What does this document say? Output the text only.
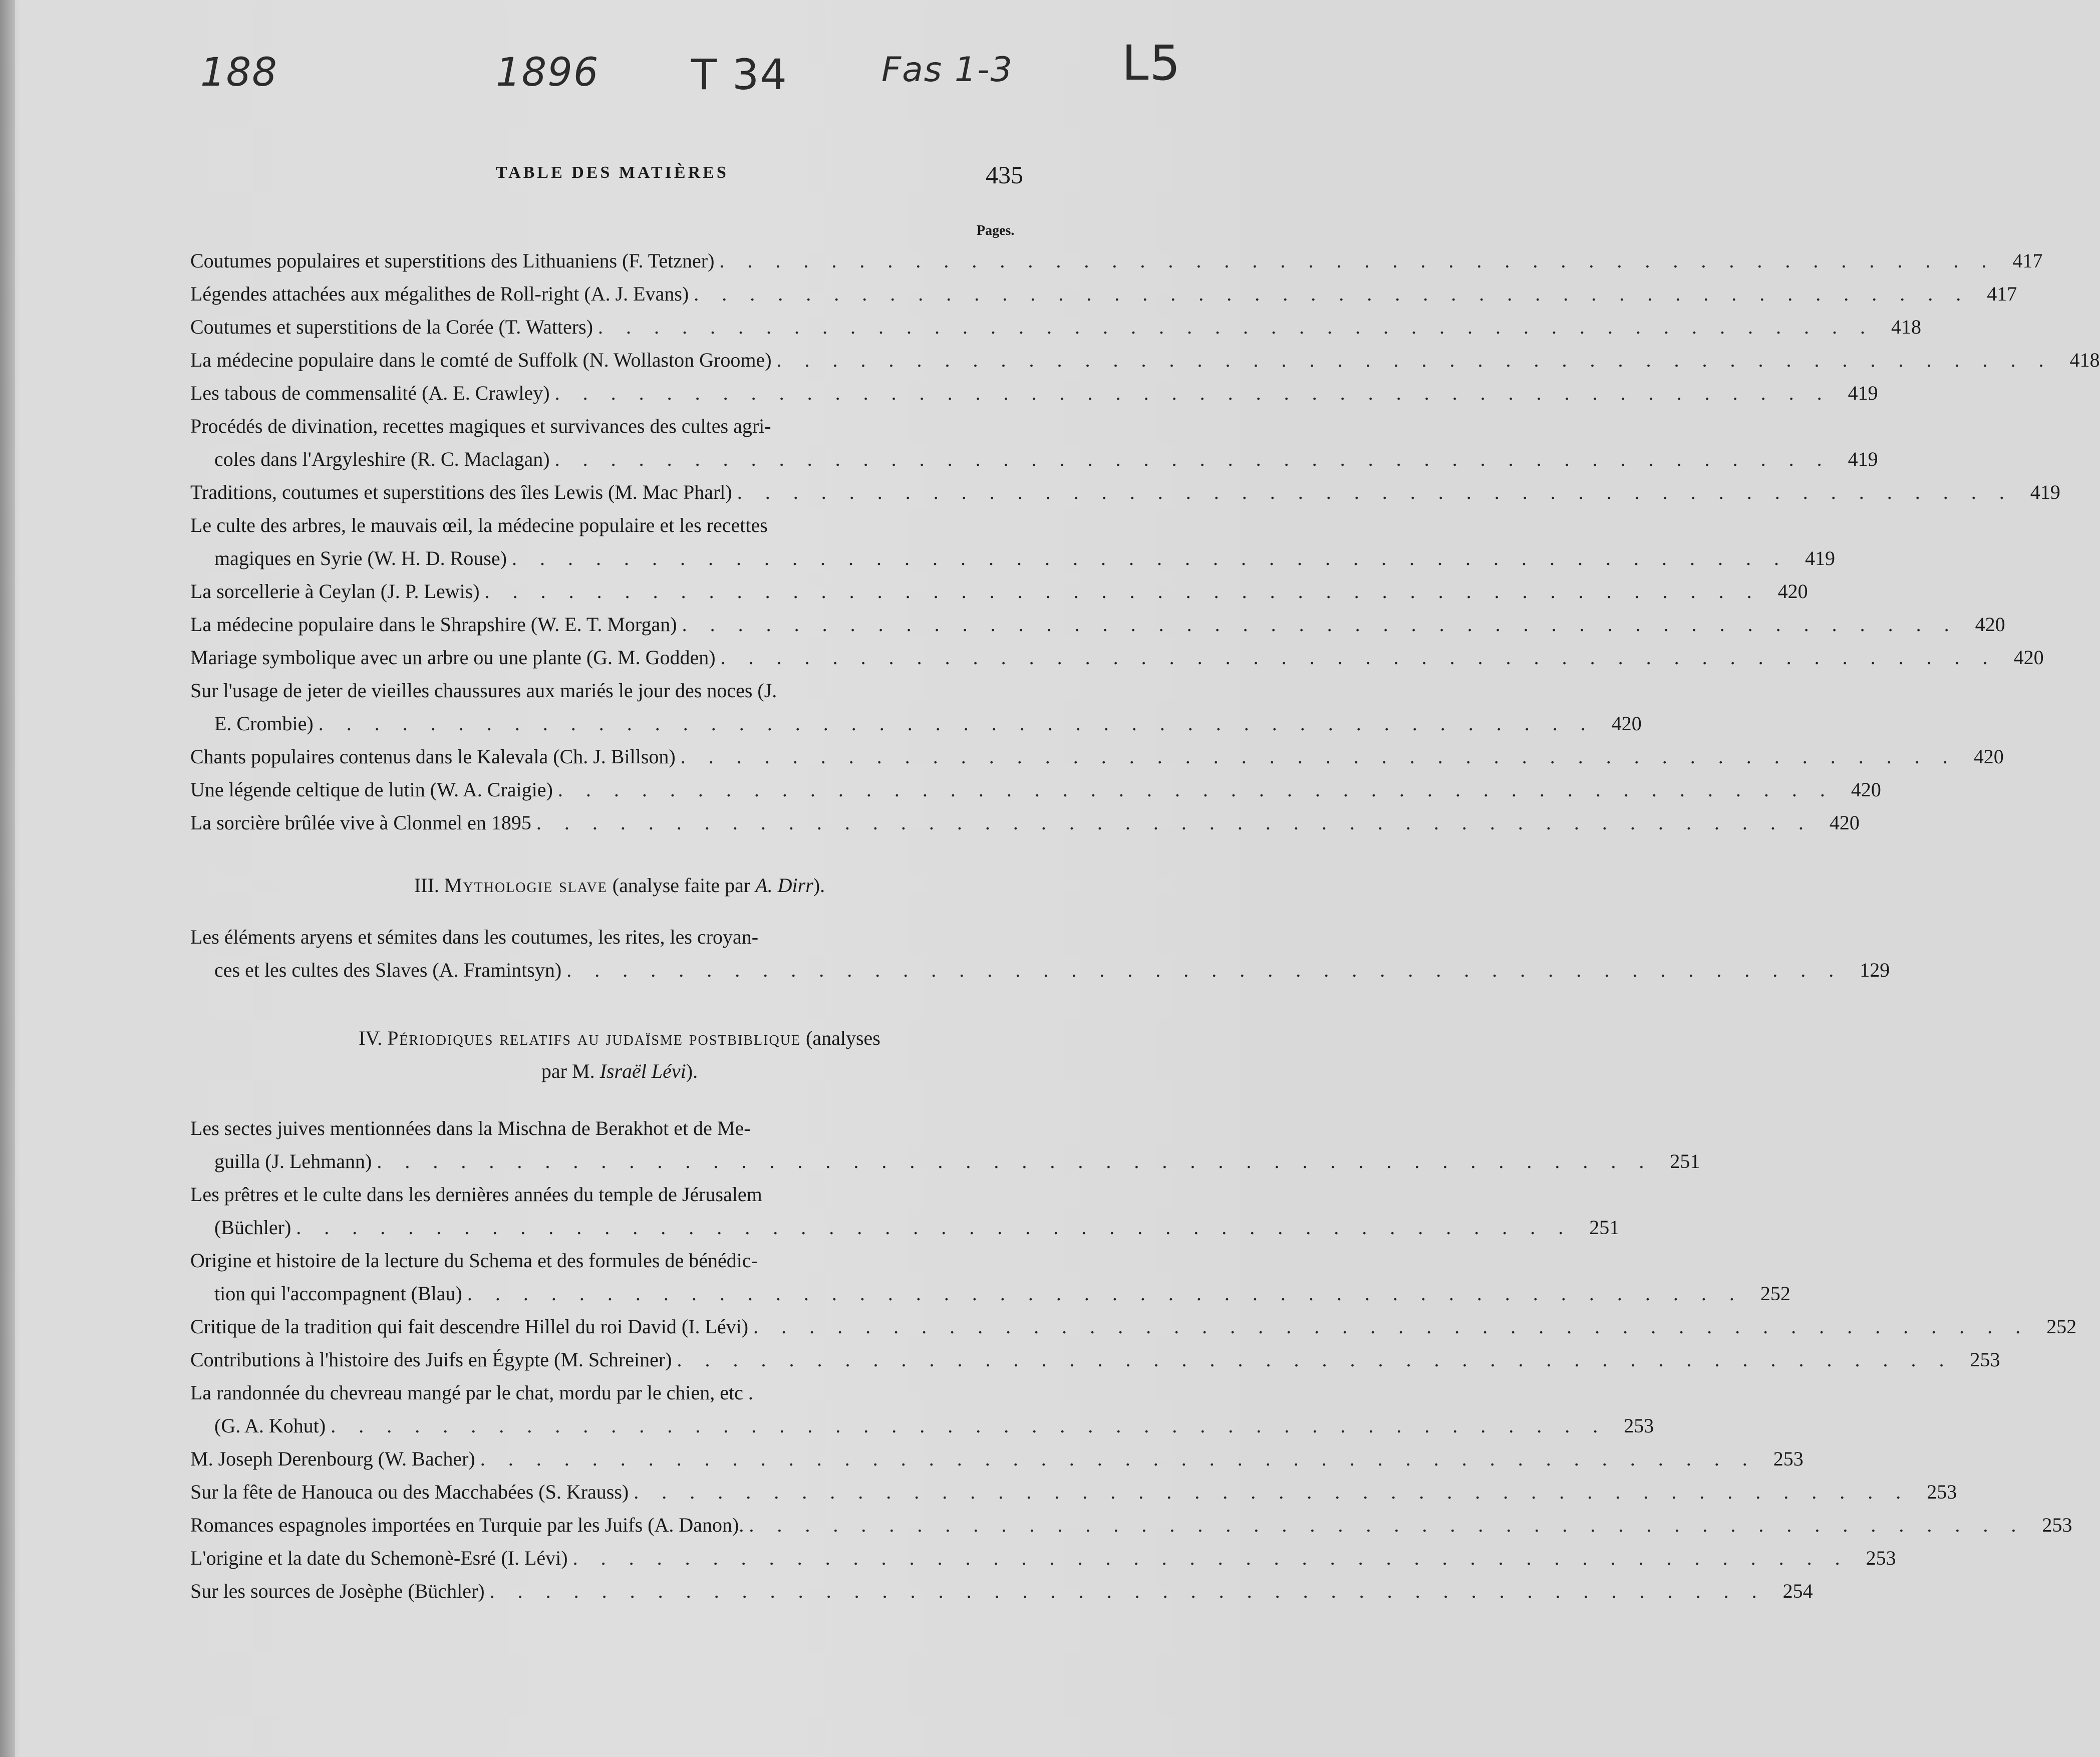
188	1896 T 34	Fas 1-3 L5
TABLE DES MATIÈRES	435
Pages.
III. Mythologie slave (analyse faite par A. Dirr).
IV. Périodiques relatifs au judaïsme postbiblique (analyses
par M. Israël Lévi).
Coutumes populaires et superstitions des Lithuaniens (F. Tetzner) . . . . . . . . . . . . . . . . . . . . . . . . . . . . . . . . . . . . . . . . . . . . . . 417
Légendes attachées aux mégalithes de Roll-right (A. J. Evans) . . . . . . . . . . . . . . . . . . . . . . . . . . . . . . . . . . . . . . . . . . . . . . 417
Coutumes et superstitions de la Corée (T. Watters) . . . . . . . . . . . . . . . . . . . . . . . . . . . . . . . . . . . . . . . . . . . . . . 418
La médecine populaire dans le comté de Suffolk (N. Wollaston Groome) . . . . . . . . . . . . . . . . . . . . . . . . . . . . . . . . . . . . . . . . . . . . . . 418
Les tabous de commensalité (A. E. Crawley) . . . . . . . . . . . . . . . . . . . . . . . . . . . . . . . . . . . . . . . . . . . . . . 419
Procédés de divination, recettes magiques et survivances des cultes agri-
coles dans l'Argyleshire (R. C. Maclagan) . . . . . . . . . . . . . . . . . . . . . . . . . . . . . . . . . . . . . . . . . . . . . . 419
Traditions, coutumes et superstitions des îles Lewis (M. Mac Pharl) . . . . . . . . . . . . . . . . . . . . . . . . . . . . . . . . . . . . . . . . . . . . . . 419
Le culte des arbres, le mauvais œil, la médecine populaire et les recettes
magiques en Syrie (W. H. D. Rouse) . . . . . . . . . . . . . . . . . . . . . . . . . . . . . . . . . . . . . . . . . . . . . . 419
La sorcellerie à Ceylan (J. P. Lewis) . . . . . . . . . . . . . . . . . . . . . . . . . . . . . . . . . . . . . . . . . . . . . . 420
La médecine populaire dans le Shrapshire (W. E. T. Morgan) . . . . . . . . . . . . . . . . . . . . . . . . . . . . . . . . . . . . . . . . . . . . . . 420
Mariage symbolique avec un arbre ou une plante (G. M. Godden) . . . . . . . . . . . . . . . . . . . . . . . . . . . . . . . . . . . . . . . . . . . . . . 420
Sur l'usage de jeter de vieilles chaussures aux mariés le jour des noces (J.
E. Crombie) . . . . . . . . . . . . . . . . . . . . . . . . . . . . . . . . . . . . . . . . . . . . . . 420
Chants populaires contenus dans le Kalevala (Ch. J. Billson) . . . . . . . . . . . . . . . . . . . . . . . . . . . . . . . . . . . . . . . . . . . . . . 420
Une légende celtique de lutin (W. A. Craigie) . . . . . . . . . . . . . . . . . . . . . . . . . . . . . . . . . . . . . . . . . . . . . . 420
La sorcière brûlée vive à Clonmel en 1895 . . . . . . . . . . . . . . . . . . . . . . . . . . . . . . . . . . . . . . . . . . . . . . 420
Les éléments aryens et sémites dans les coutumes, les rites, les croyan-
ces et les cultes des Slaves (A. Framintsyn) . . . . . . . . . . . . . . . . . . . . . . . . . . . . . . . . . . . . . . . . . . . . . . 129
Les sectes juives mentionnées dans la Mischna de Berakhot et de Me-
guilla (J. Lehmann) . . . . . . . . . . . . . . . . . . . . . . . . . . . . . . . . . . . . . . . . . . . . . . 251
Les prêtres et le culte dans les dernières années du temple de Jérusalem
(Büchler) . . . . . . . . . . . . . . . . . . . . . . . . . . . . . . . . . . . . . . . . . . . . . . 251
Origine et histoire de la lecture du Schema et des formules de bénédic-
tion qui l'accompagnent (Blau) . . . . . . . . . . . . . . . . . . . . . . . . . . . . . . . . . . . . . . . . . . . . . . 252
Critique de la tradition qui fait descendre Hillel du roi David (I. Lévi) . . . . . . . . . . . . . . . . . . . . . . . . . . . . . . . . . . . . . . . . . . . . . . 252
Contributions à l'histoire des Juifs en Égypte (M. Schreiner) . . . . . . . . . . . . . . . . . . . . . . . . . . . . . . . . . . . . . . . . . . . . . . 253
La randonnée du chevreau mangé par le chat, mordu par le chien, etc .
(G. A. Kohut) . . . . . . . . . . . . . . . . . . . . . . . . . . . . . . . . . . . . . . . . . . . . . . 253
M. Joseph Derenbourg (W. Bacher) . . . . . . . . . . . . . . . . . . . . . . . . . . . . . . . . . . . . . . . . . . . . . . 253
Sur la fête de Hanouca ou des Macchabées (S. Krauss) . . . . . . . . . . . . . . . . . . . . . . . . . . . . . . . . . . . . . . . . . . . . . . 253
Romances espagnoles importées en Turquie par les Juifs (A. Danon). . . . . . . . . . . . . . . . . . . . . . . . . . . . . . . . . . . . . . . . . . . . . . . 253
L'origine et la date du Schemonè-Esré (I. Lévi) . . . . . . . . . . . . . . . . . . . . . . . . . . . . . . . . . . . . . . . . . . . . . . 253
Sur les sources de Josèphe (Büchler) . . . . . . . . . . . . . . . . . . . . . . . . . . . . . . . . . . . . . . . . . . . . . . 254
